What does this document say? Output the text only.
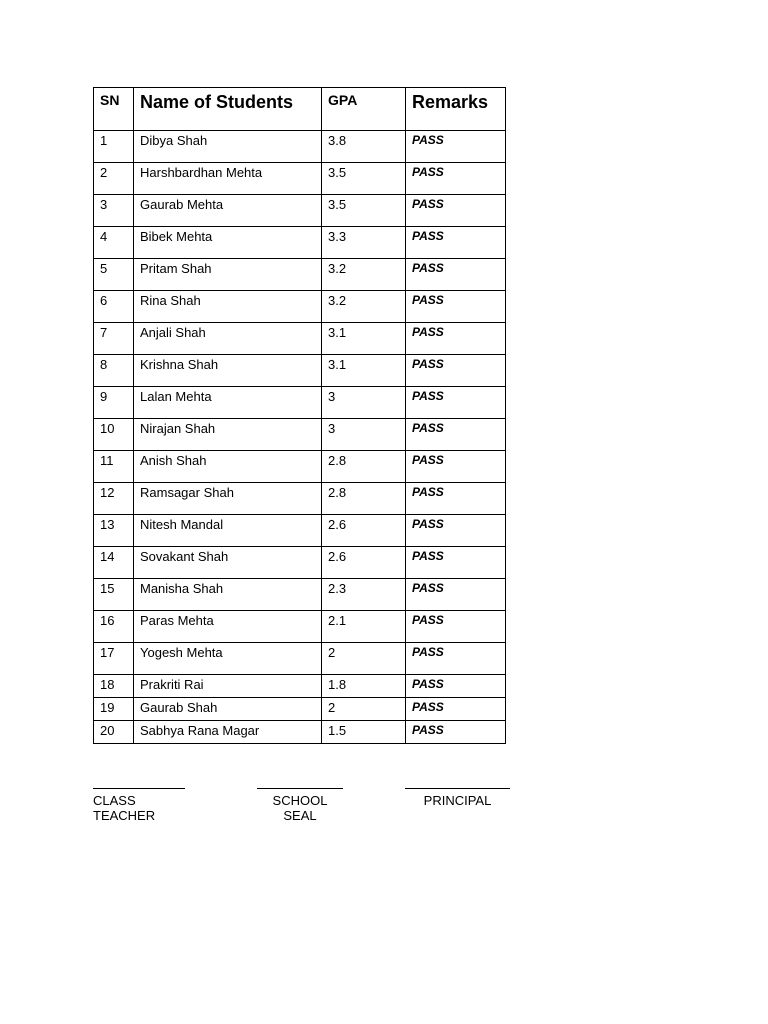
SN	Name of Students	GPA	Remarks
1	Dibya Shah	3.8	PASS
2	Harshbardhan Mehta	3.5	PASS
3	Gaurab Mehta	3.5	PASS
4	Bibek Mehta	3.3	PASS
5	Pritam Shah	3.2	PASS
6	Rina Shah	3.2	PASS
7	Anjali Shah	3.1	PASS
8	Krishna Shah	3.1	PASS
9	Lalan Mehta	3	PASS
10	Nirajan Shah	3	PASS
11	Anish Shah	2.8	PASS
12	Ramsagar Shah	2.8	PASS
13	Nitesh Mandal	2.6	PASS
14	Sovakant Shah	2.6	PASS
15	Manisha Shah	2.3	PASS
16	Paras Mehta	2.1	PASS
17	Yogesh Mehta	2	PASS
18	Prakriti Rai	1.8	PASS
19	Gaurab Shah	2	PASS
20	Sabhya Rana Magar	1.5	PASS
CLASS TEACHER
SCHOOL SEAL
PRINCIPAL
